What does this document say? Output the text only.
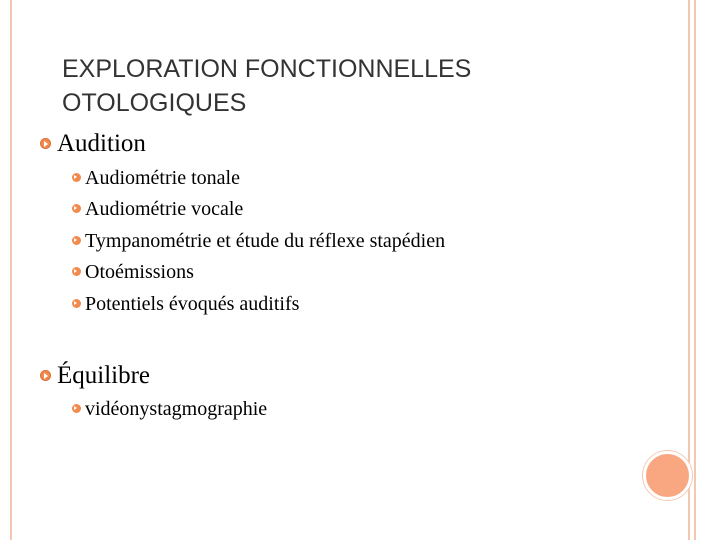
EXPLORATION FONCTIONNELLES
OTOLOGIQUES
Audition
Audiométrie tonale
Audiométrie vocale
Tympanométrie et étude du réflexe stapédien
Otoémissions
Potentiels évoqués auditifs
Équilibre
vidéonystagmographie
